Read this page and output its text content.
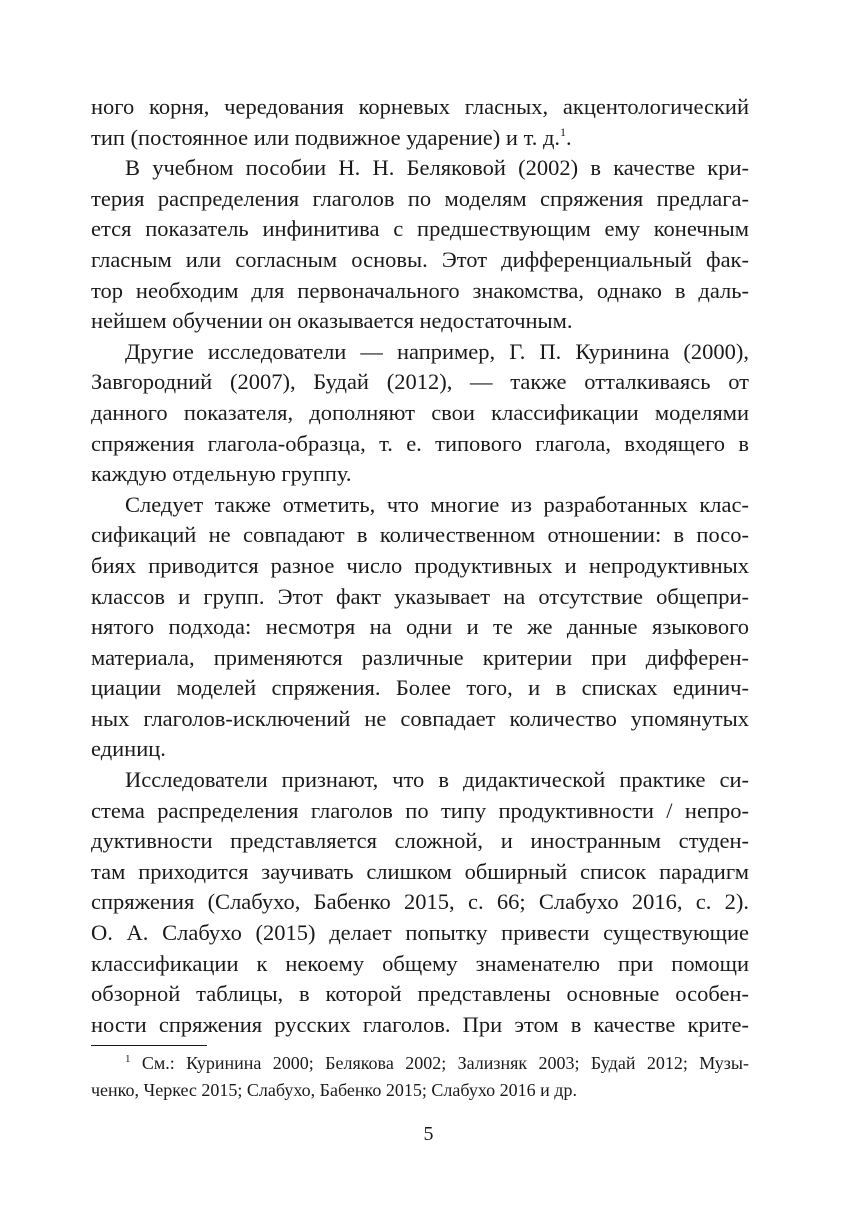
ного корня, чередования корневых гласных, акцентологический
тип (постоянное или подвижное ударение) и т. д.$^1$.
В учебном пособии Н. Н. Беляковой (2002) в качестве кри-
терия распределения глаголов по моделям спряжения предлага-
ется показатель инфинитива с предшествующим ему конечным
гласным или согласным основы. Этот дифференциальный фак-
тор необходим для первоначального знакомства, однако в даль-
нейшем обучении он оказывается недостаточным.
Другие исследователи — например, Г. П. Куринина (2000),
Завгородний (2007), Будай (2012), — также отталкиваясь от
данного показателя, дополняют свои классификации моделями
спряжения глагола-образца, т. е. типового глагола, входящего в
каждую отдельную группу.
Следует также отметить, что многие из разработанных клас-
сификаций не совпадают в количественном отношении: в посо-
биях приводится разное число продуктивных и непродуктивных
классов и групп. Этот факт указывает на отсутствие общепри-
нятого подхода: несмотря на одни и те же данные языкового
материала, применяются различные критерии при дифферен-
циации моделей спряжения. Более того, и в списках единич-
ных глаголов-исключений не совпадает количество упомянутых
единиц.
Исследователи признают, что в дидактической практике си-
стема распределения глаголов по типу продуктивности / непро-
дуктивности представляется сложной, и иностранным студен-
там приходится заучивать слишком обширный список парадигм
спряжения (Слабухо, Бабенко 2015, с. 66; Слабухо 2016, с. 2).
О. А. Слабухо (2015) делает попытку привести существующие
классификации к некоему общему знаменателю при помощи
обзорной таблицы, в которой представлены основные особен-
ности спряжения русских глаголов. При этом в качестве крите-
$^1$ См.: Куринина 2000; Белякова 2002; Зализняк 2003; Будай 2012; Музы-
ченко, Черкес 2015; Слабухо, Бабенко 2015; Слабухо 2016 и др.
5
